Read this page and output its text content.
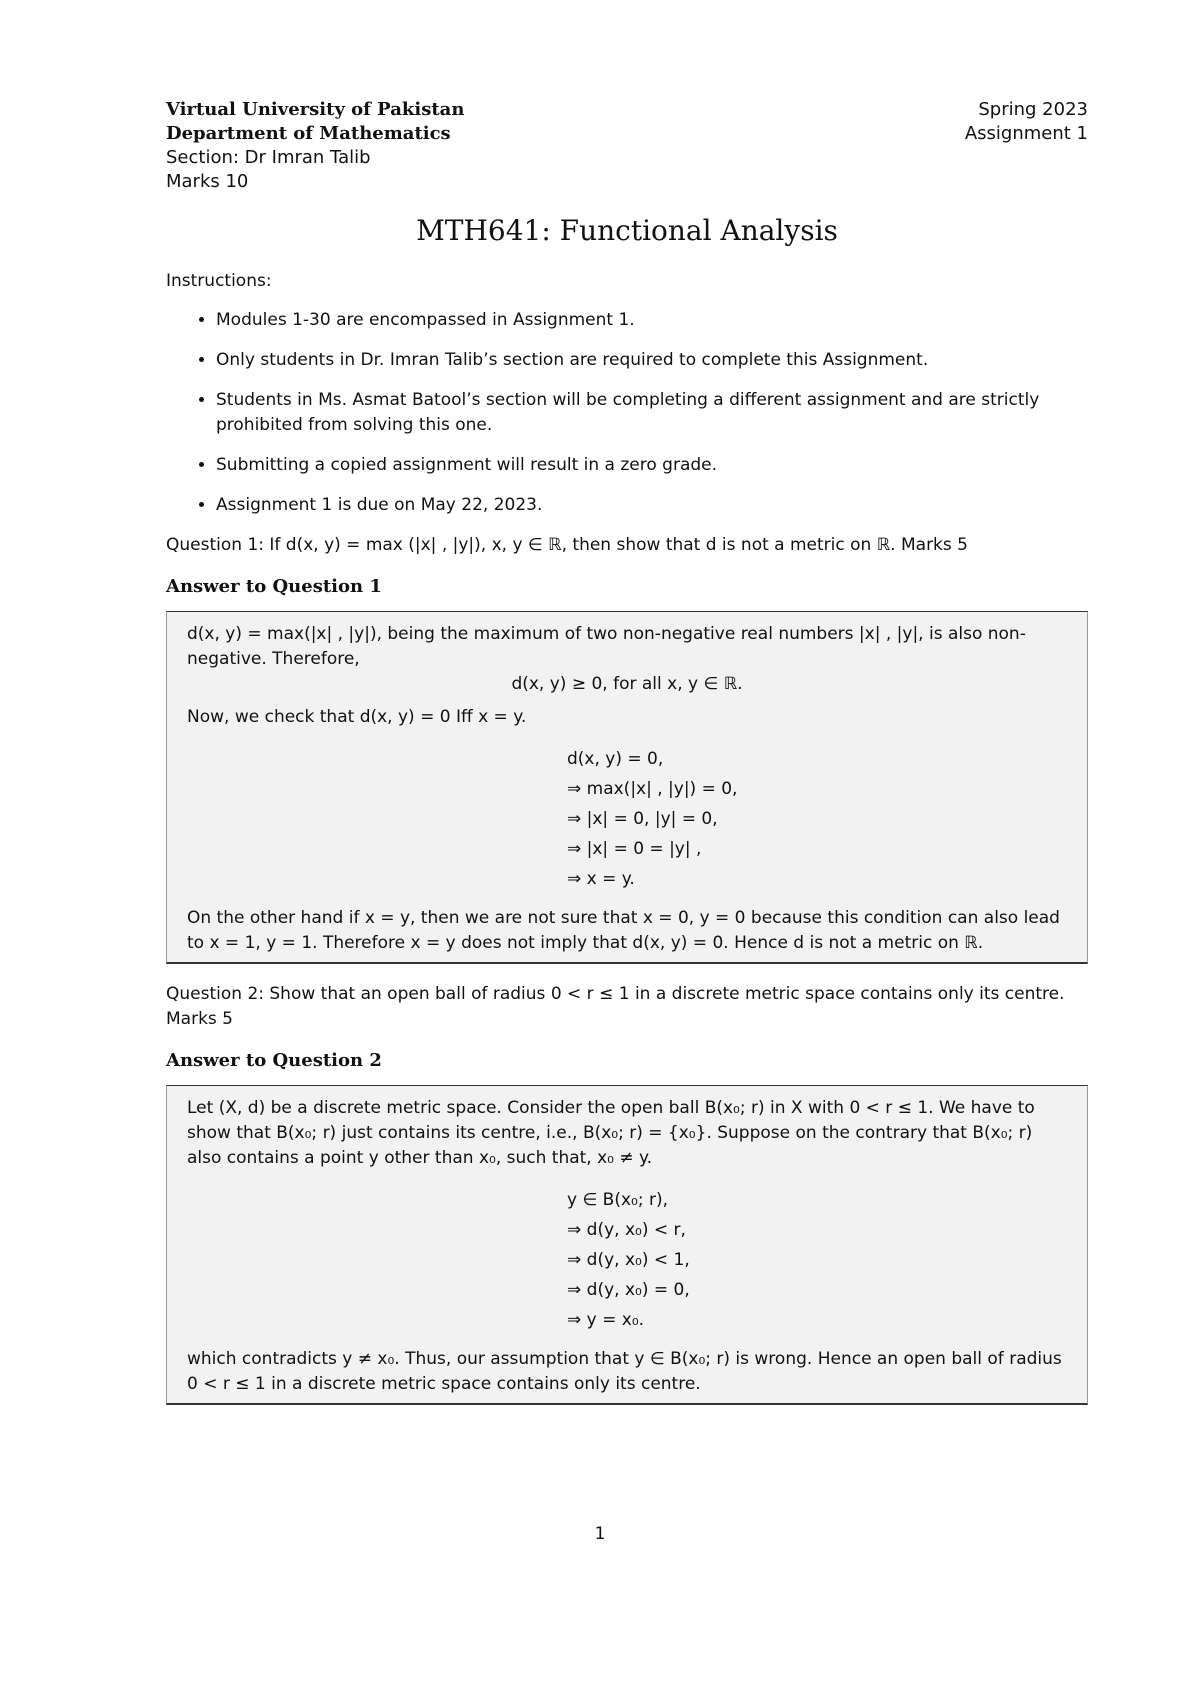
Virtual University of Pakistan
Department of Mathematics
Section: Dr Imran Talib
Marks 10
Spring 2023
Assignment 1
MTH641: Functional Analysis

Instructions:

• Modules 1-30 are encompassed in Assignment 1.
• Only students in Dr. Imran Talib’s section are required to complete this Assignment.
• Students in Ms. Asmat Batool’s section will be completing a different assignment and are strictly prohibited from solving this one.
• Submitting a copied assignment will result in a zero grade.
• Assignment 1 is due on May 22, 2023.

Question 1: If d(x, y) = max (|x| , |y|), x, y ∈ ℝ, then show that d is not a metric on ℝ. Marks 5

Answer to Question 1
d(x, y) = max(|x| , |y|), being the maximum of two non-negative real numbers |x| , |y|, is also non-negative. Therefore,
d(x, y) ≥ 0, for all x, y ∈ ℝ.
Now, we check that d(x, y) = 0 Iff x = y.
d(x, y) = 0,
⇒ max(|x| , |y|) = 0,
⇒ |x| = 0, |y| = 0,
⇒ |x| = 0 = |y| ,
⇒ x = y.
On the other hand if x = y, then we are not sure that x = 0, y = 0 because this condition can also lead to x = 1, y = 1. Therefore x = y does not imply that d(x, y) = 0. Hence d is not a metric on ℝ.

Question 2: Show that an open ball of radius 0 < r ≤ 1 in a discrete metric space contains only its centre. Marks 5

Answer to Question 2
Let (X, d) be a discrete metric space. Consider the open ball B(x₀; r) in X with 0 < r ≤ 1. We have to show that B(x₀; r) just contains its centre, i.e., B(x₀; r) = {x₀}. Suppose on the contrary that B(x₀; r) also contains a point y other than x₀, such that, x₀ ≠ y.
y ∈ B(x₀; r),
⇒ d(y, x₀) < r,
⇒ d(y, x₀) < 1,
⇒ d(y, x₀) = 0,
⇒ y = x₀.
which contradicts y ≠ x₀. Thus, our assumption that y ∈ B(x₀; r) is wrong. Hence an open ball of radius 0 < r ≤ 1 in a discrete metric space contains only its centre.
1
